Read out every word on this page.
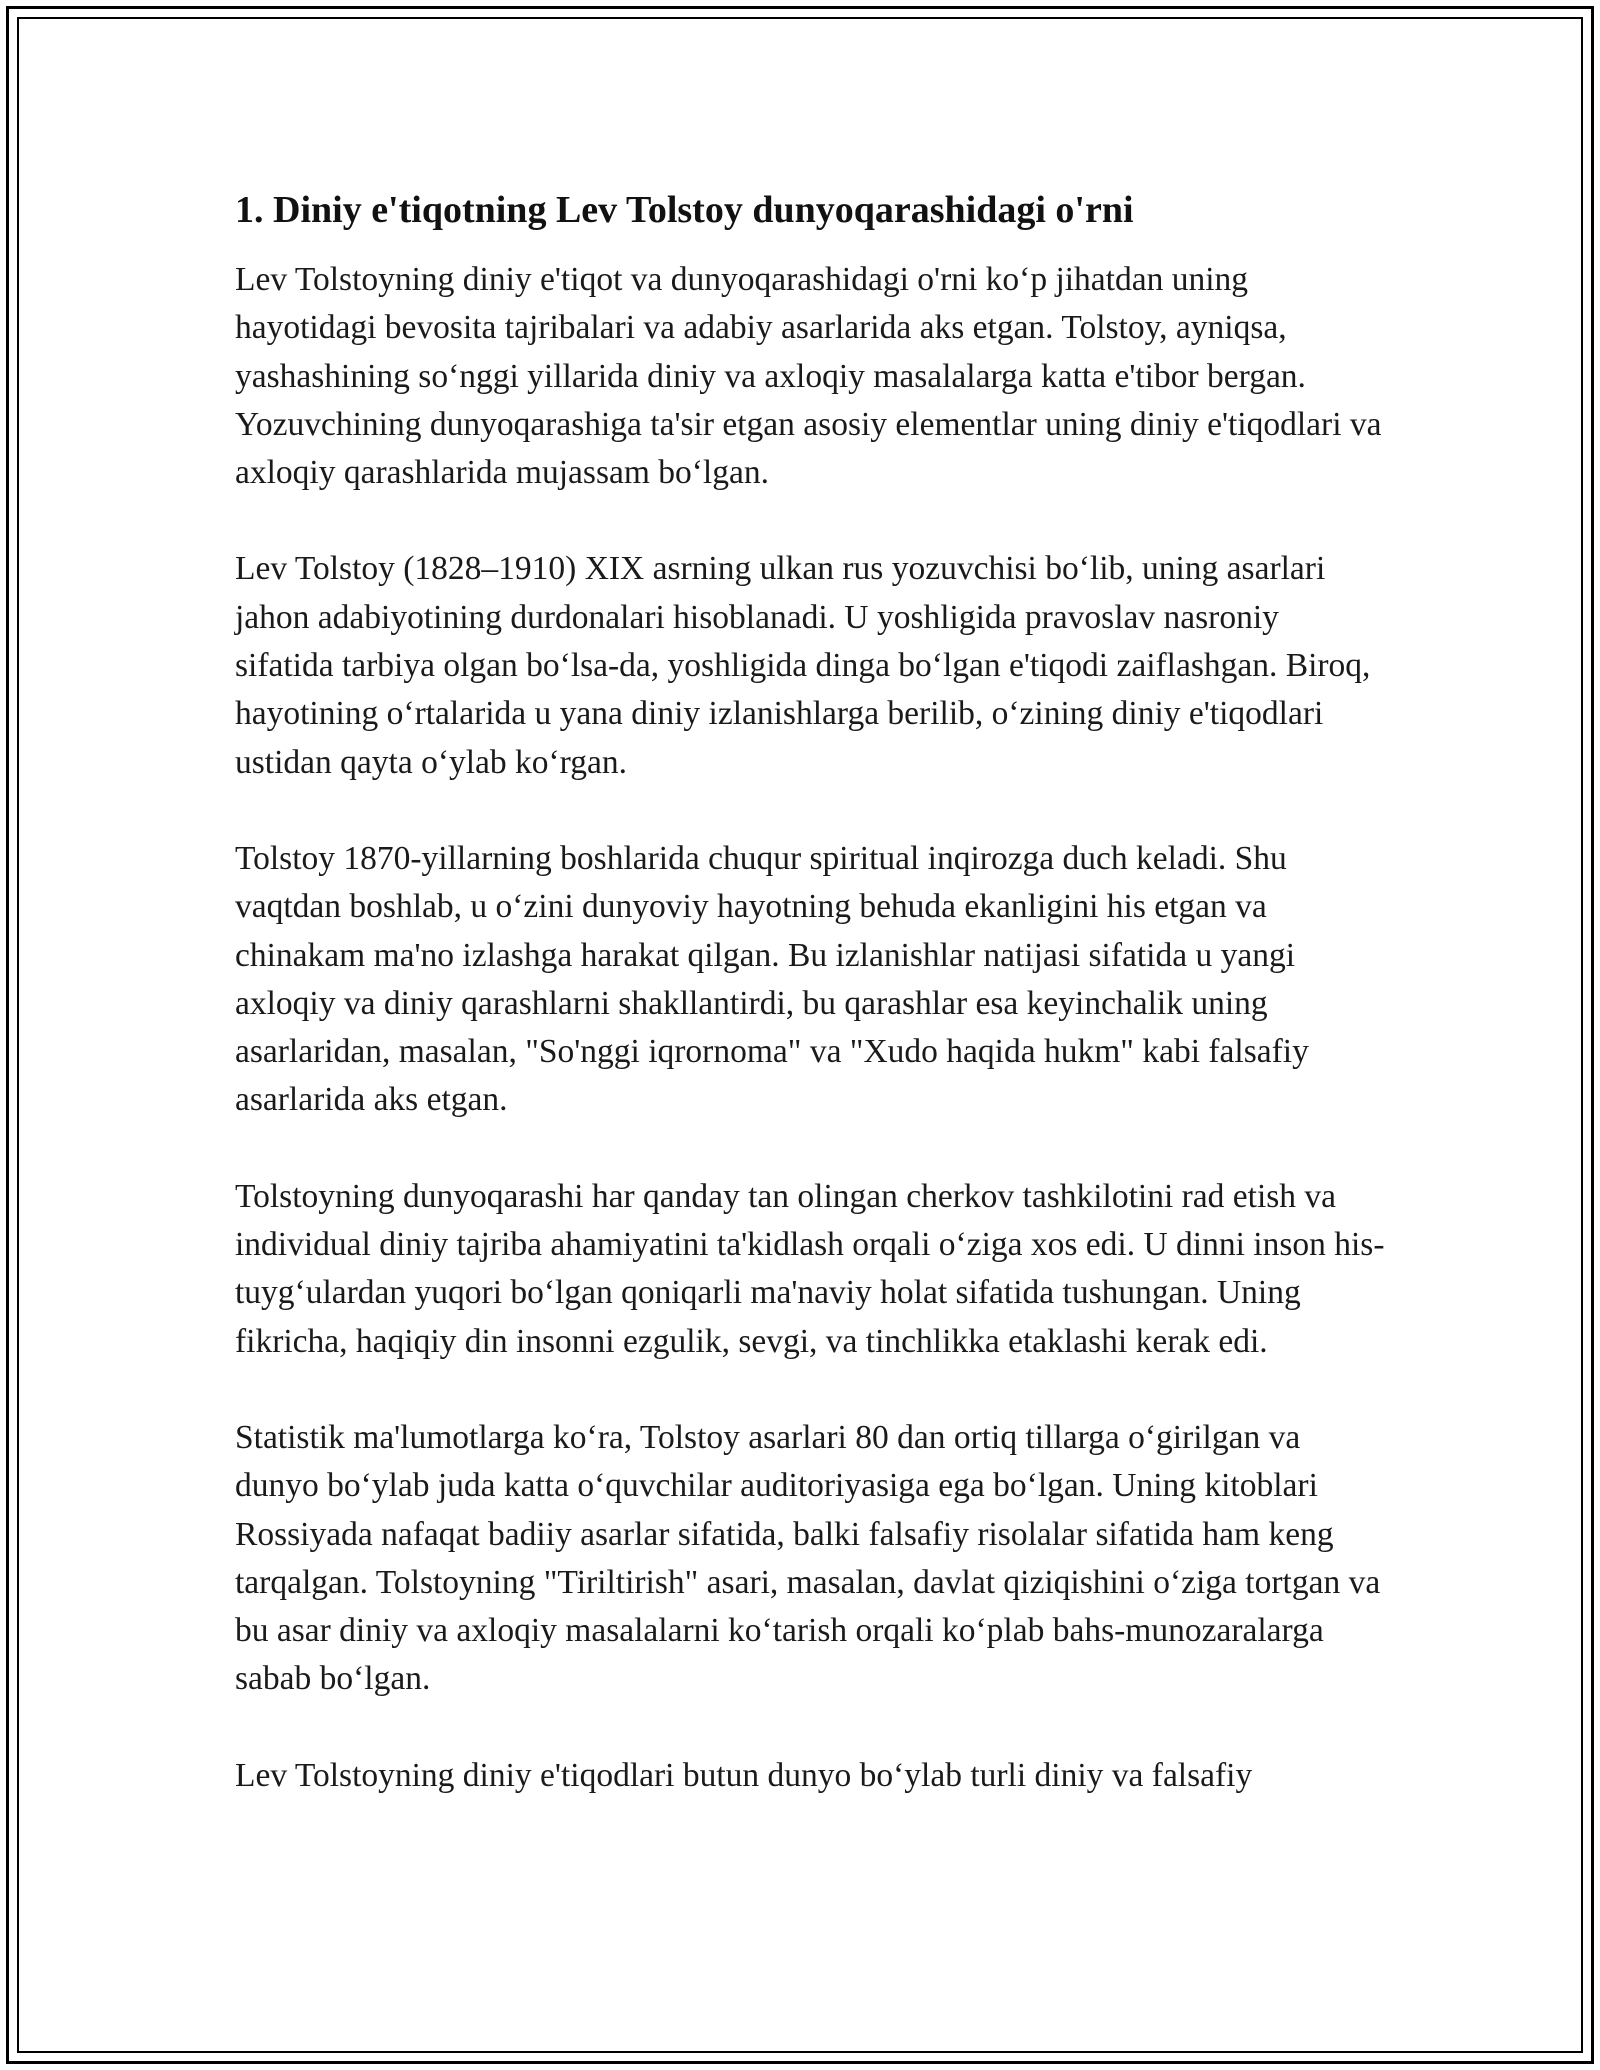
1. Diniy e'tiqotning Lev Tolstoy dunyoqarashidagi o'rni

Lev Tolstoyning diniy e'tiqot va dunyoqarashidagi o'rni koʻp jihatdan uning hayotidagi bevosita tajribalari va adabiy asarlarida aks etgan. Tolstoy, ayniqsa, yashashining soʻnggi yillarida diniy va axloqiy masalalarga katta e'tibor bergan. Yozuvchining dunyoqarashiga ta'sir etgan asosiy elementlar uning diniy e'tiqodlari va axloqiy qarashlarida mujassam boʻlgan.

Lev Tolstoy (1828–1910) XIX asrning ulkan rus yozuvchisi boʻlib, uning asarlari jahon adabiyotining durdonalari hisoblanadi. U yoshligida pravoslav nasroniy sifatida tarbiya olgan boʻlsa-da, yoshligida dinga boʻlgan e'tiqodi zaiflashgan. Biroq, hayotining oʻrtalarida u yana diniy izlanishlarga berilib, oʻzining diniy e'tiqodlari ustidan qayta oʻylab koʻrgan.

Tolstoy 1870-yillarning boshlarida chuqur spiritual inqirozga duch keladi. Shu vaqtdan boshlab, u oʻzini dunyoviy hayotning behuda ekanligini his etgan va chinakam ma'no izlashga harakat qilgan. Bu izlanishlar natijasi sifatida u yangi axloqiy va diniy qarashlarni shakllantirdi, bu qarashlar esa keyinchalik uning asarlaridan, masalan, "So'nggi iqrornoma" va "Xudo haqida hukm" kabi falsafiy asarlarida aks etgan.

Tolstoyning dunyoqarashi har qanday tan olingan cherkov tashkilotini rad etish va individual diniy tajriba ahamiyatini ta'kidlash orqali oʻziga xos edi. U dinni inson his-tuygʻulardan yuqori boʻlgan qoniqarli ma'naviy holat sifatida tushungan. Uning fikricha, haqiqiy din insonni ezgulik, sevgi, va tinchlikka etaklashi kerak edi.

Statistik ma'lumotlarga koʻra, Tolstoy asarlari 80 dan ortiq tillarga oʻgirilgan va dunyo boʻylab juda katta oʻquvchilar auditoriyasiga ega boʻlgan. Uning kitoblari Rossiyada nafaqat badiiy asarlar sifatida, balki falsafiy risolalar sifatida ham keng tarqalgan. Tolstoyning "Tiriltirish" asari, masalan, davlat qiziqishini oʻziga tortgan va bu asar diniy va axloqiy masalalarni koʻtarish orqali koʻplab bahs-munozaralarga sabab boʻlgan.

Lev Tolstoyning diniy e'tiqodlari butun dunyo boʻylab turli diniy va falsafiy
